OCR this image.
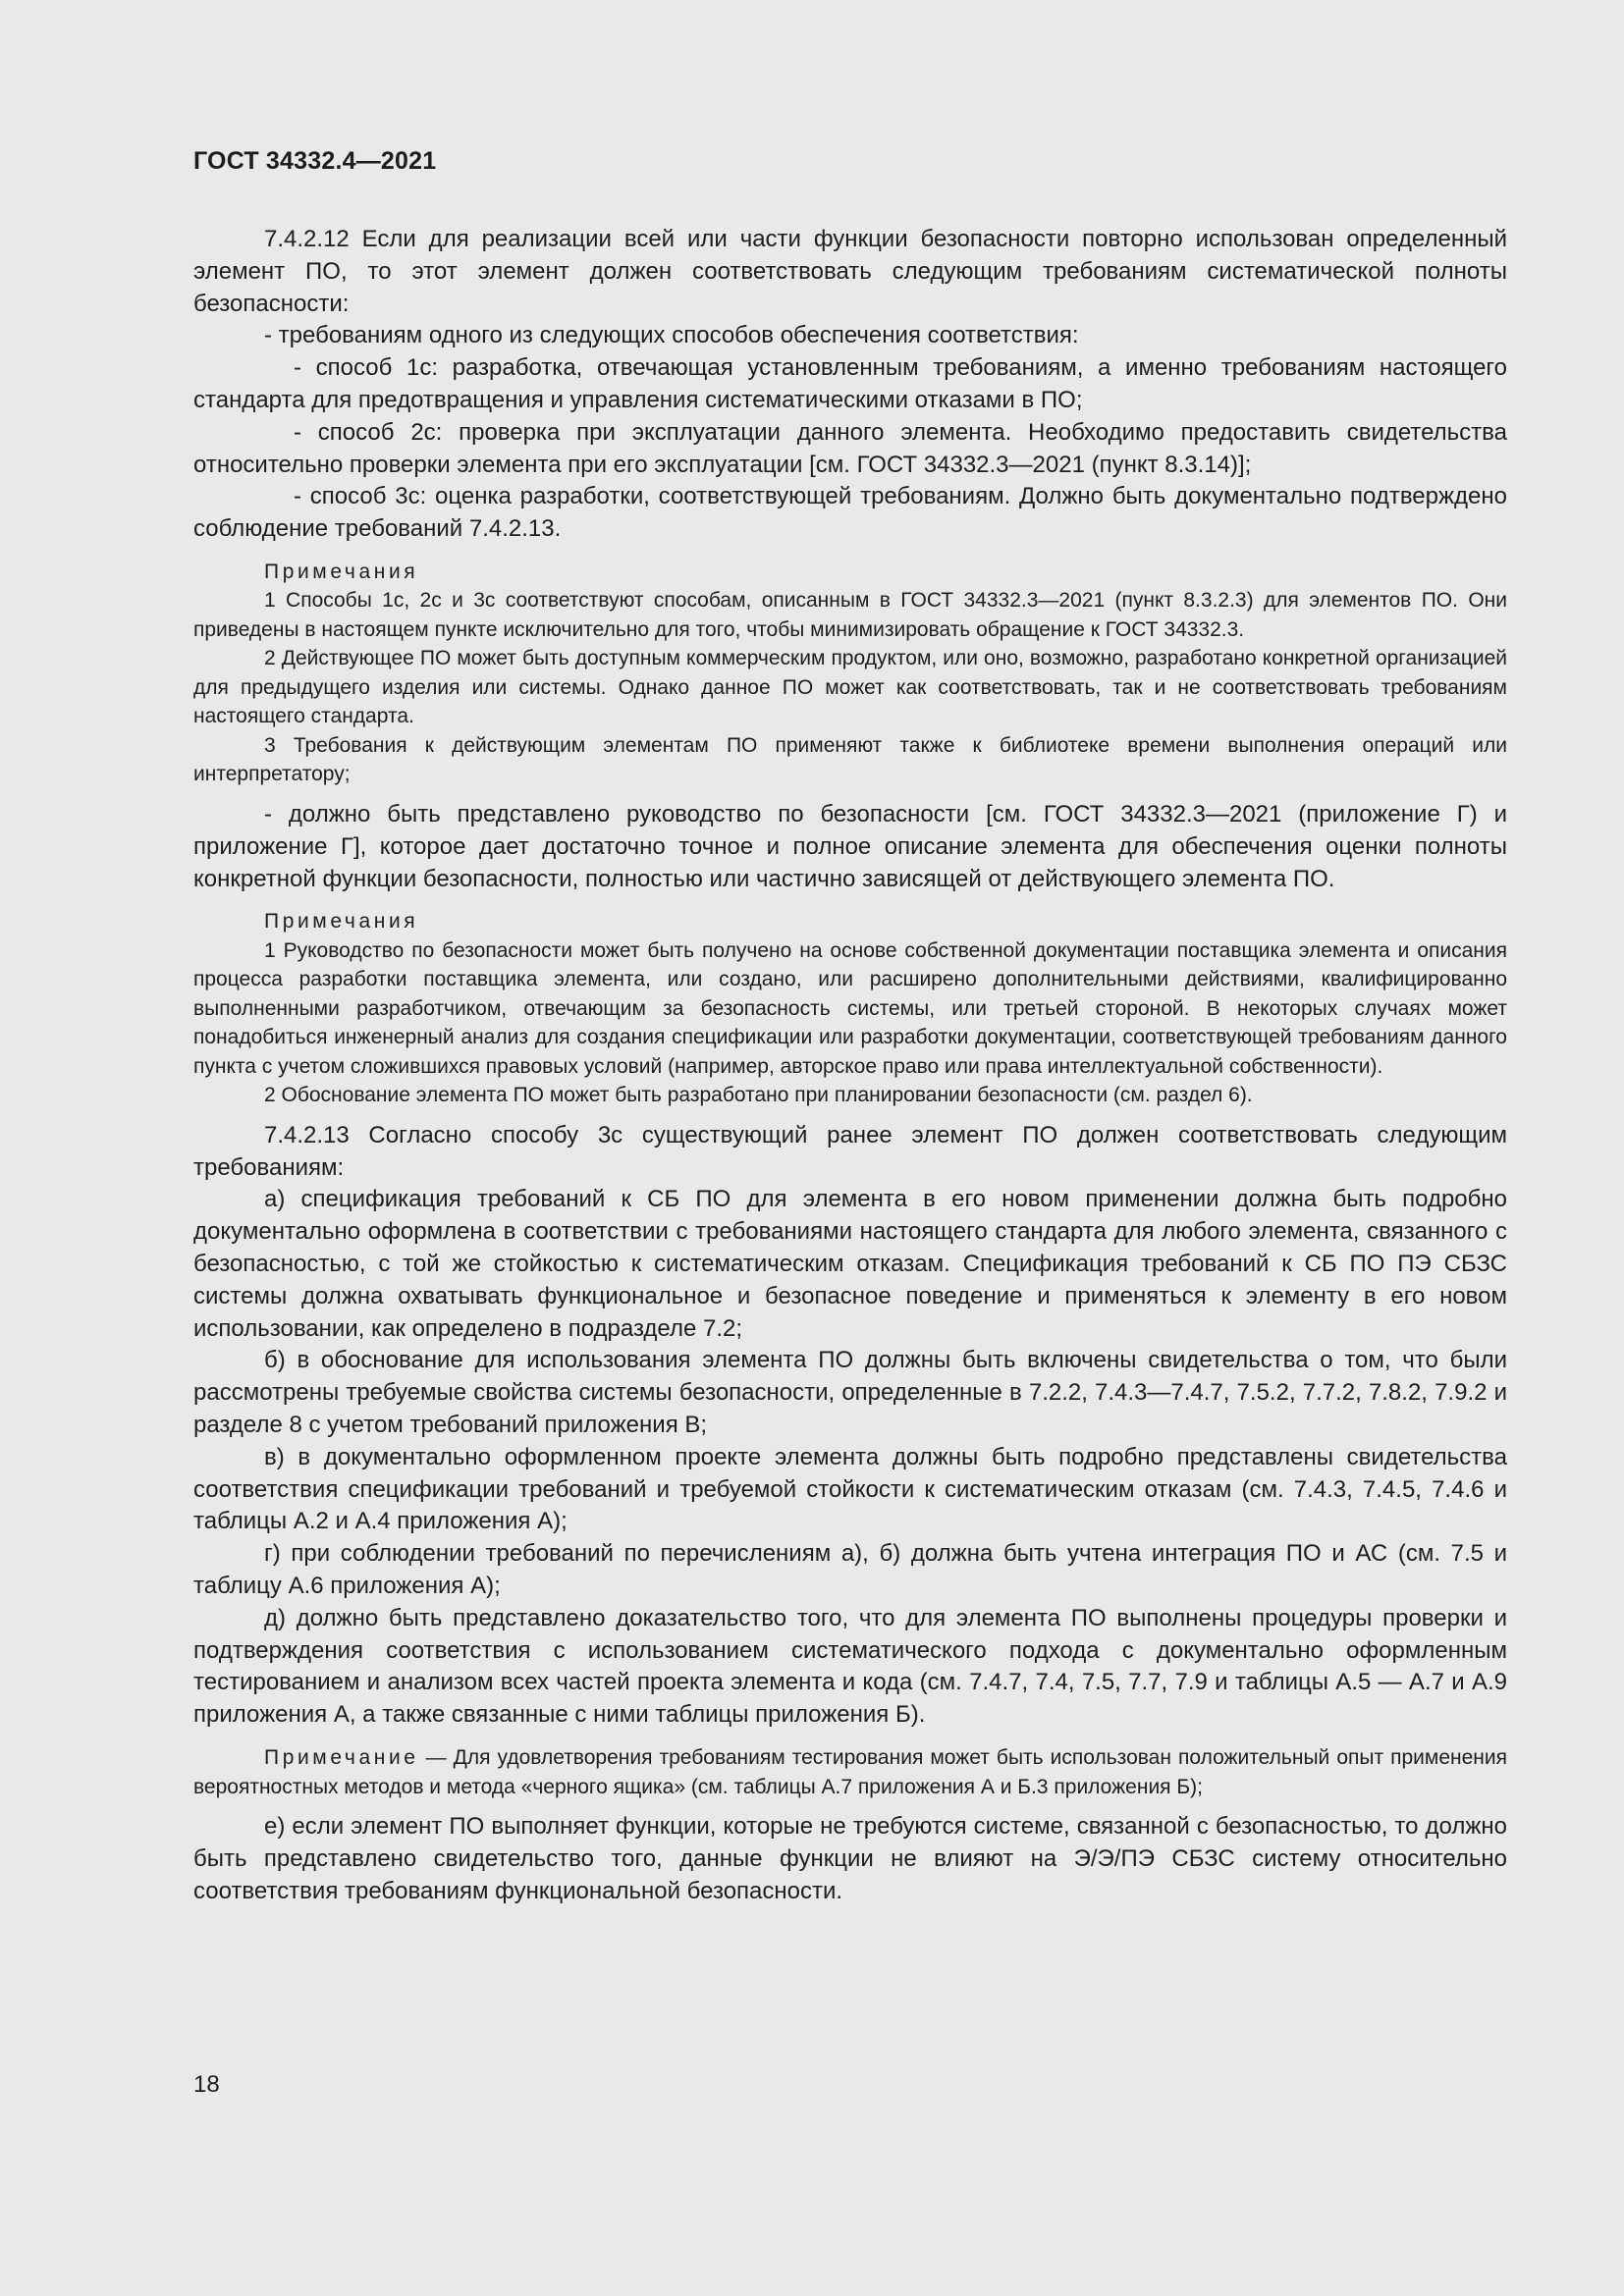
ГОСТ 34332.4—2021

7.4.2.12 Если для реализации всей или части функции безопасности повторно использован определенный элемент ПО, то этот элемент должен соответствовать следующим требованиям систематической полноты безопасности:

- требованиям одного из следующих способов обеспечения соответствия:

- способ 1с: разработка, отвечающая установленным требованиям, а именно требованиям настоящего стандарта для предотвращения и управления систематическими отказами в ПО;

- способ 2с: проверка при эксплуатации данного элемента. Необходимо предоставить свидетельства относительно проверки элемента при его эксплуатации [см. ГОСТ 34332.3—2021 (пункт 8.3.14)];

- способ 3с: оценка разработки, соответствующей требованиям. Должно быть документально подтверждено соблюдение требований 7.4.2.13.

Примечания

1 Способы 1с, 2с и 3с соответствуют способам, описанным в ГОСТ 34332.3—2021 (пункт 8.3.2.3) для элементов ПО. Они приведены в настоящем пункте исключительно для того, чтобы минимизировать обращение к ГОСТ 34332.3.

2 Действующее ПО может быть доступным коммерческим продуктом, или оно, возможно, разработано конкретной организацией для предыдущего изделия или системы. Однако данное ПО может как соответствовать, так и не соответствовать требованиям настоящего стандарта.

3 Требования к действующим элементам ПО применяют также к библиотеке времени выполнения операций или интерпретатору;

- должно быть представлено руководство по безопасности [см. ГОСТ 34332.3—2021 (приложение Г) и приложение Г], которое дает достаточно точное и полное описание элемента для обеспечения оценки полноты конкретной функции безопасности, полностью или частично зависящей от действующего элемента ПО.

Примечания

1 Руководство по безопасности может быть получено на основе собственной документации поставщика элемента и описания процесса разработки поставщика элемента, или создано, или расширено дополнительными действиями, квалифицированно выполненными разработчиком, отвечающим за безопасность системы, или третьей стороной. В некоторых случаях может понадобиться инженерный анализ для создания спецификации или разработки документации, соответствующей требованиям данного пункта с учетом сложившихся правовых условий (например, авторское право или права интеллектуальной собственности).

2 Обоснование элемента ПО может быть разработано при планировании безопасности (см. раздел 6).

7.4.2.13 Согласно способу 3с существующий ранее элемент ПО должен соответствовать следующим требованиям:

а) спецификация требований к СБ ПО для элемента в его новом применении должна быть подробно документально оформлена в соответствии с требованиями настоящего стандарта для любого элемента, связанного с безопасностью, с той же стойкостью к систематическим отказам. Спецификация требований к СБ ПО ПЭ СБЗС системы должна охватывать функциональное и безопасное поведение и применяться к элементу в его новом использовании, как определено в подразделе 7.2;

б) в обоснование для использования элемента ПО должны быть включены свидетельства о том, что были рассмотрены требуемые свойства системы безопасности, определенные в 7.2.2, 7.4.3—7.4.7, 7.5.2, 7.7.2, 7.8.2, 7.9.2 и разделе 8 с учетом требований приложения В;

в) в документально оформленном проекте элемента должны быть подробно представлены свидетельства соответствия спецификации требований и требуемой стойкости к систематическим отказам (см. 7.4.3, 7.4.5, 7.4.6 и таблицы А.2 и А.4 приложения А);

г) при соблюдении требований по перечислениям а), б) должна быть учтена интеграция ПО и АС (см. 7.5 и таблицу А.6 приложения А);

д) должно быть представлено доказательство того, что для элемента ПО выполнены процедуры проверки и подтверждения соответствия с использованием систематического подхода с документально оформленным тестированием и анализом всех частей проекта элемента и кода (см. 7.4.7, 7.4, 7.5, 7.7, 7.9 и таблицы А.5 — А.7 и А.9 приложения А, а также связанные с ними таблицы приложения Б).

Примечание — Для удовлетворения требованиям тестирования может быть использован положительный опыт применения вероятностных методов и метода «черного ящика» (см. таблицы А.7 приложения А и Б.3 приложения Б);

е) если элемент ПО выполняет функции, которые не требуются системе, связанной с безопасностью, то должно быть представлено свидетельство того, данные функции не влияют на Э/Э/ПЭ СБЗС систему относительно соответствия требованиям функциональной безопасности.

18
